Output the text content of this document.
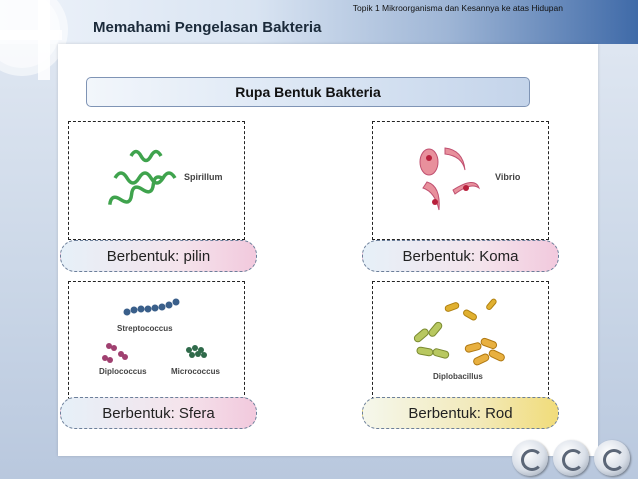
Topik 1 Mikroorganisma dan Kesannya ke atas Hidupan
Memahami Pengelasan Bakteria
Rupa Bentuk Bakteria
Spirillum
Berbentuk: pilin
Vibrio
Berbentuk: Koma
Streptococcus
Diplococcus	Micrococcus
Berbentuk: Sfera
Diplobacillus
Berbentuk: Rod
